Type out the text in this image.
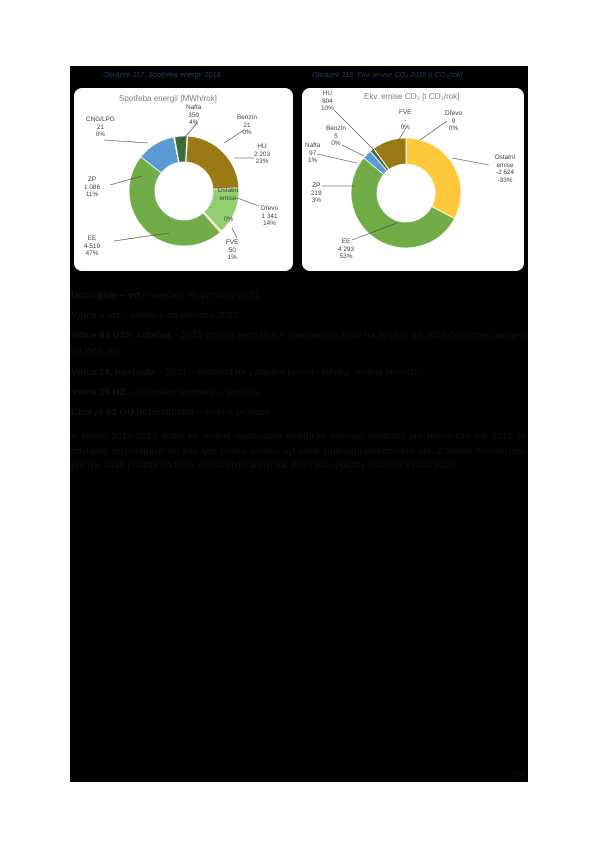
Obrázek 117: Spotřeba energií 2018
Spotřeba energií [MWh/rok]
CNG/LPG
21
0%
Nafta
350
4%
Benzín
21
0%
HU
2 203
23%
ZP
1 086
11%
Ostatní emise
0%
Dřevo
1 341
14%
EE
4 519
47%
FVE
50
1%
Obrázek 118: Ekv. emise CO₂ 2018 [t CO₂/rok]
Ekv. emise CO₂ [t CO₂/rok]
HU
804
10%
FVE
-
0%
Dřevo
9
0%
Benzín
5
0%
Nafta
97
1%	Ostatní emise
-2 624
-33%
ZP
219
3%
EE
4 293
53%
Dolní pole – vrt – uvedení do provozu 2021
Vítice – vrt – uvedení do provozu 2022
Vítice 63 DSP, kotelna – 2021 zřízení centrálního spalovacího kotle na štěpku, od 2022 částečné napojení na vytápění
Vítice 28, hospoda – 2021 – přechod na vytápění pomocí štěpky, změna provozu
Vítice 26 HZ – snižování spotřeby – provozy
Chotýš 53 OÚ pohostinství – změna provozu
V letech 2018-2019 došlo ke změně dodavatele elektrické energie. Hodnoty pro referenční rok 2018 se odchylují od ostatních let, kde tyto změny mohou být dané změnami elektroměrů atd. Z tohoto důvodu jsou pro rok 2018 použity hodnoty z roku 2017 a pro rok 2019 jsou použity hodnoty z roku 2020.
103
